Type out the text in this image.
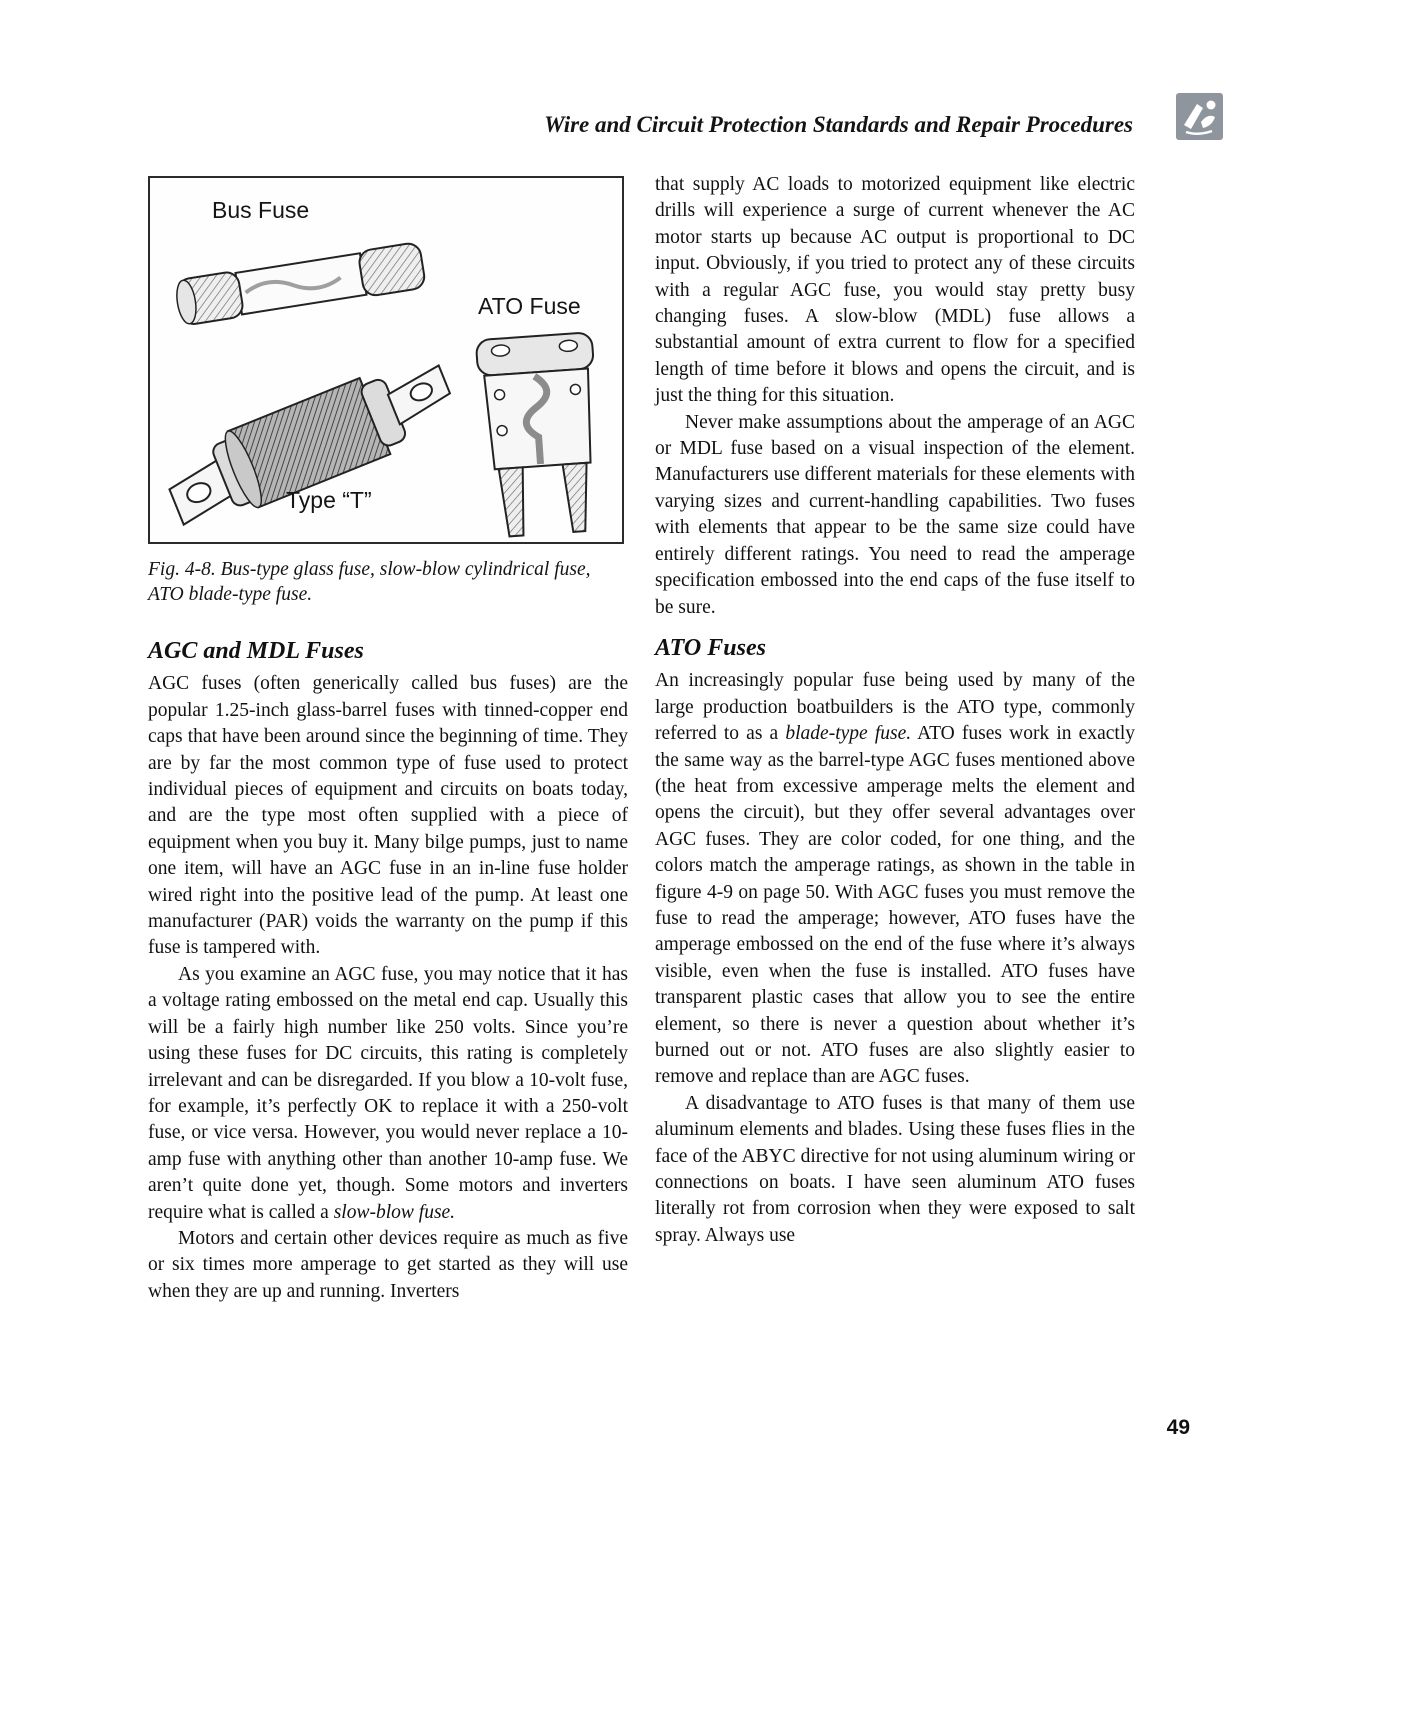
Wire and Circuit Protection Standards and Repair Procedures
Bus Fuse
ATO Fuse
Type “T”
Fig. 4-8. Bus-type glass fuse, slow-blow cylindrical fuse, ATO blade-type fuse.
AGC and MDL Fuses

AGC fuses (often generically called bus fuses) are the popular 1.25-inch glass-barrel fuses with tinned-copper end caps that have been around since the beginning of time. They are by far the most common type of fuse used to protect individual pieces of equipment and circuits on boats today, and are the type most often supplied with a piece of equipment when you buy it. Many bilge pumps, just to name one item, will have an AGC fuse in an in-line fuse holder wired right into the positive lead of the pump. At least one manufacturer (PAR) voids the warranty on the pump if this fuse is tampered with.

As you examine an AGC fuse, you may notice that it has a voltage rating embossed on the metal end cap. Usually this will be a fairly high number like 250 volts. Since you’re using these fuses for DC circuits, this rating is completely irrelevant and can be disregarded. If you blow a 10-volt fuse, for example, it’s perfectly OK to replace it with a 250-volt fuse, or vice versa. However, you would never replace a 10-amp fuse with anything other than another 10-amp fuse. We aren’t quite done yet, though. Some motors and inverters require what is called a slow-blow fuse.

Motors and certain other devices require as much as five or six times more amperage to get started as they will use when they are up and running. Inverters

that supply AC loads to motorized equipment like electric drills will experience a surge of current whenever the AC motor starts up because AC output is proportional to DC input. Obviously, if you tried to protect any of these circuits with a regular AGC fuse, you would stay pretty busy changing fuses. A slow-blow (MDL) fuse allows a substantial amount of extra current to flow for a specified length of time before it blows and opens the circuit, and is just the thing for this situation.

Never make assumptions about the amperage of an AGC or MDL fuse based on a visual inspection of the element. Manufacturers use different materials for these elements with varying sizes and current-handling capabilities. Two fuses with elements that appear to be the same size could have entirely different ratings. You need to read the amperage specification embossed into the end caps of the fuse itself to be sure.

ATO Fuses

An increasingly popular fuse being used by many of the large production boatbuilders is the ATO type, commonly referred to as a blade-type fuse. ATO fuses work in exactly the same way as the barrel-type AGC fuses mentioned above (the heat from excessive amperage melts the element and opens the circuit), but they offer several advantages over AGC fuses. They are color coded, for one thing, and the colors match the amperage ratings, as shown in the table in figure 4-9 on page 50. With AGC fuses you must remove the fuse to read the amperage; however, ATO fuses have the amperage embossed on the end of the fuse where it’s always visible, even when the fuse is installed. ATO fuses have transparent plastic cases that allow you to see the entire element, so there is never a question about whether it’s burned out or not. ATO fuses are also slightly easier to remove and replace than are AGC fuses.

A disadvantage to ATO fuses is that many of them use aluminum elements and blades. Using these fuses flies in the face of the ABYC directive for not using aluminum wiring or connections on boats. I have seen aluminum ATO fuses literally rot from corrosion when they were exposed to salt spray. Always use

49
